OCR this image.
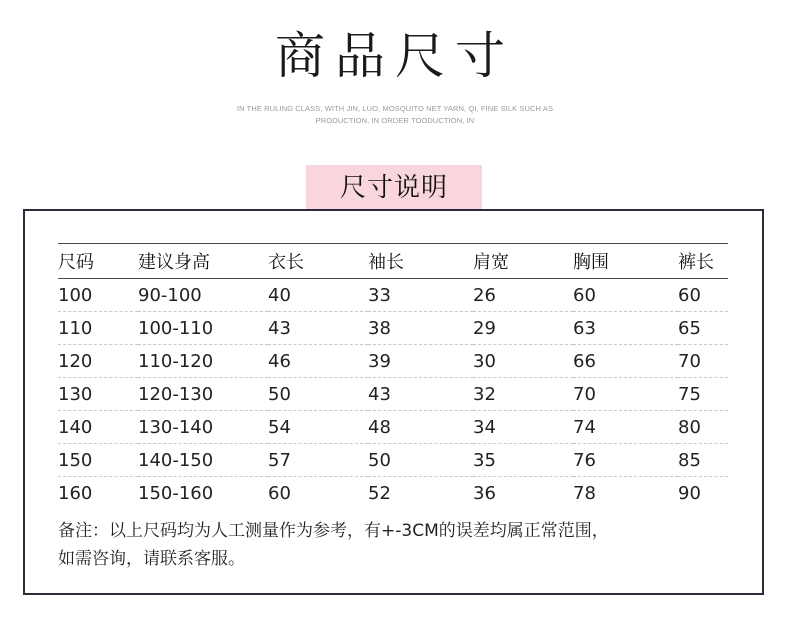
商品尺寸
IN THE RULING CLASS, WITH JIN, LUO, MOSQUITO NET YARN, QI, FINE SILK SUCH AS PRODUCTION, IN ORDER TOODUCTION, IN
尺寸说明
尺码	建议身高	衣长	袖长	肩宽	胸围	裤长
100	90-100	40	33	26	60	60
110	100-110	43	38	29	63	65
120	110-120	46	39	30	66	70
130	120-130	50	43	32	70	75
140	130-140	54	48	34	74	80
150	140-150	57	50	35	76	85
160	150-160	60	52	36	78	90
备注：以上尺码均为人工测量作为参考，有+-3CM的误差均属正常范围，
如需咨询，请联系客服。
